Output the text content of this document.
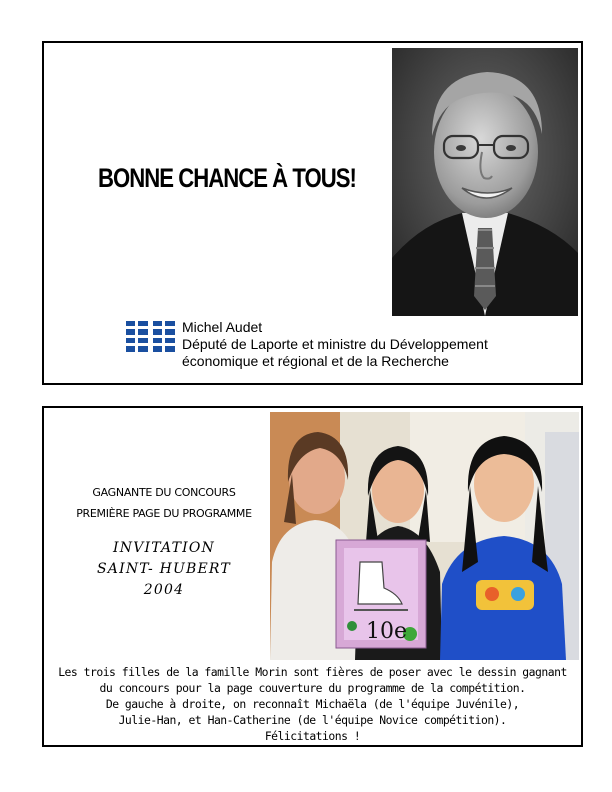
BONNE CHANCE À TOUS!
Michel Audet
Député de Laporte et ministre du Développement
économique et régional et de la Recherche
GAGNANTE DU CONCOURS
PREMIÈRE PAGE DU PROGRAMME
INVITATION
SAINT- HUBERT
2004
10e
Les trois filles de la famille Morin sont fières de poser avec le dessin gagnant
du concours pour la page couverture du programme de la compétition.
De gauche à droite, on reconnaît Michaëla (de l'équipe Juvénile),
Julie-Han, et Han-Catherine (de l'équipe Novice compétition).
Félicitations !
